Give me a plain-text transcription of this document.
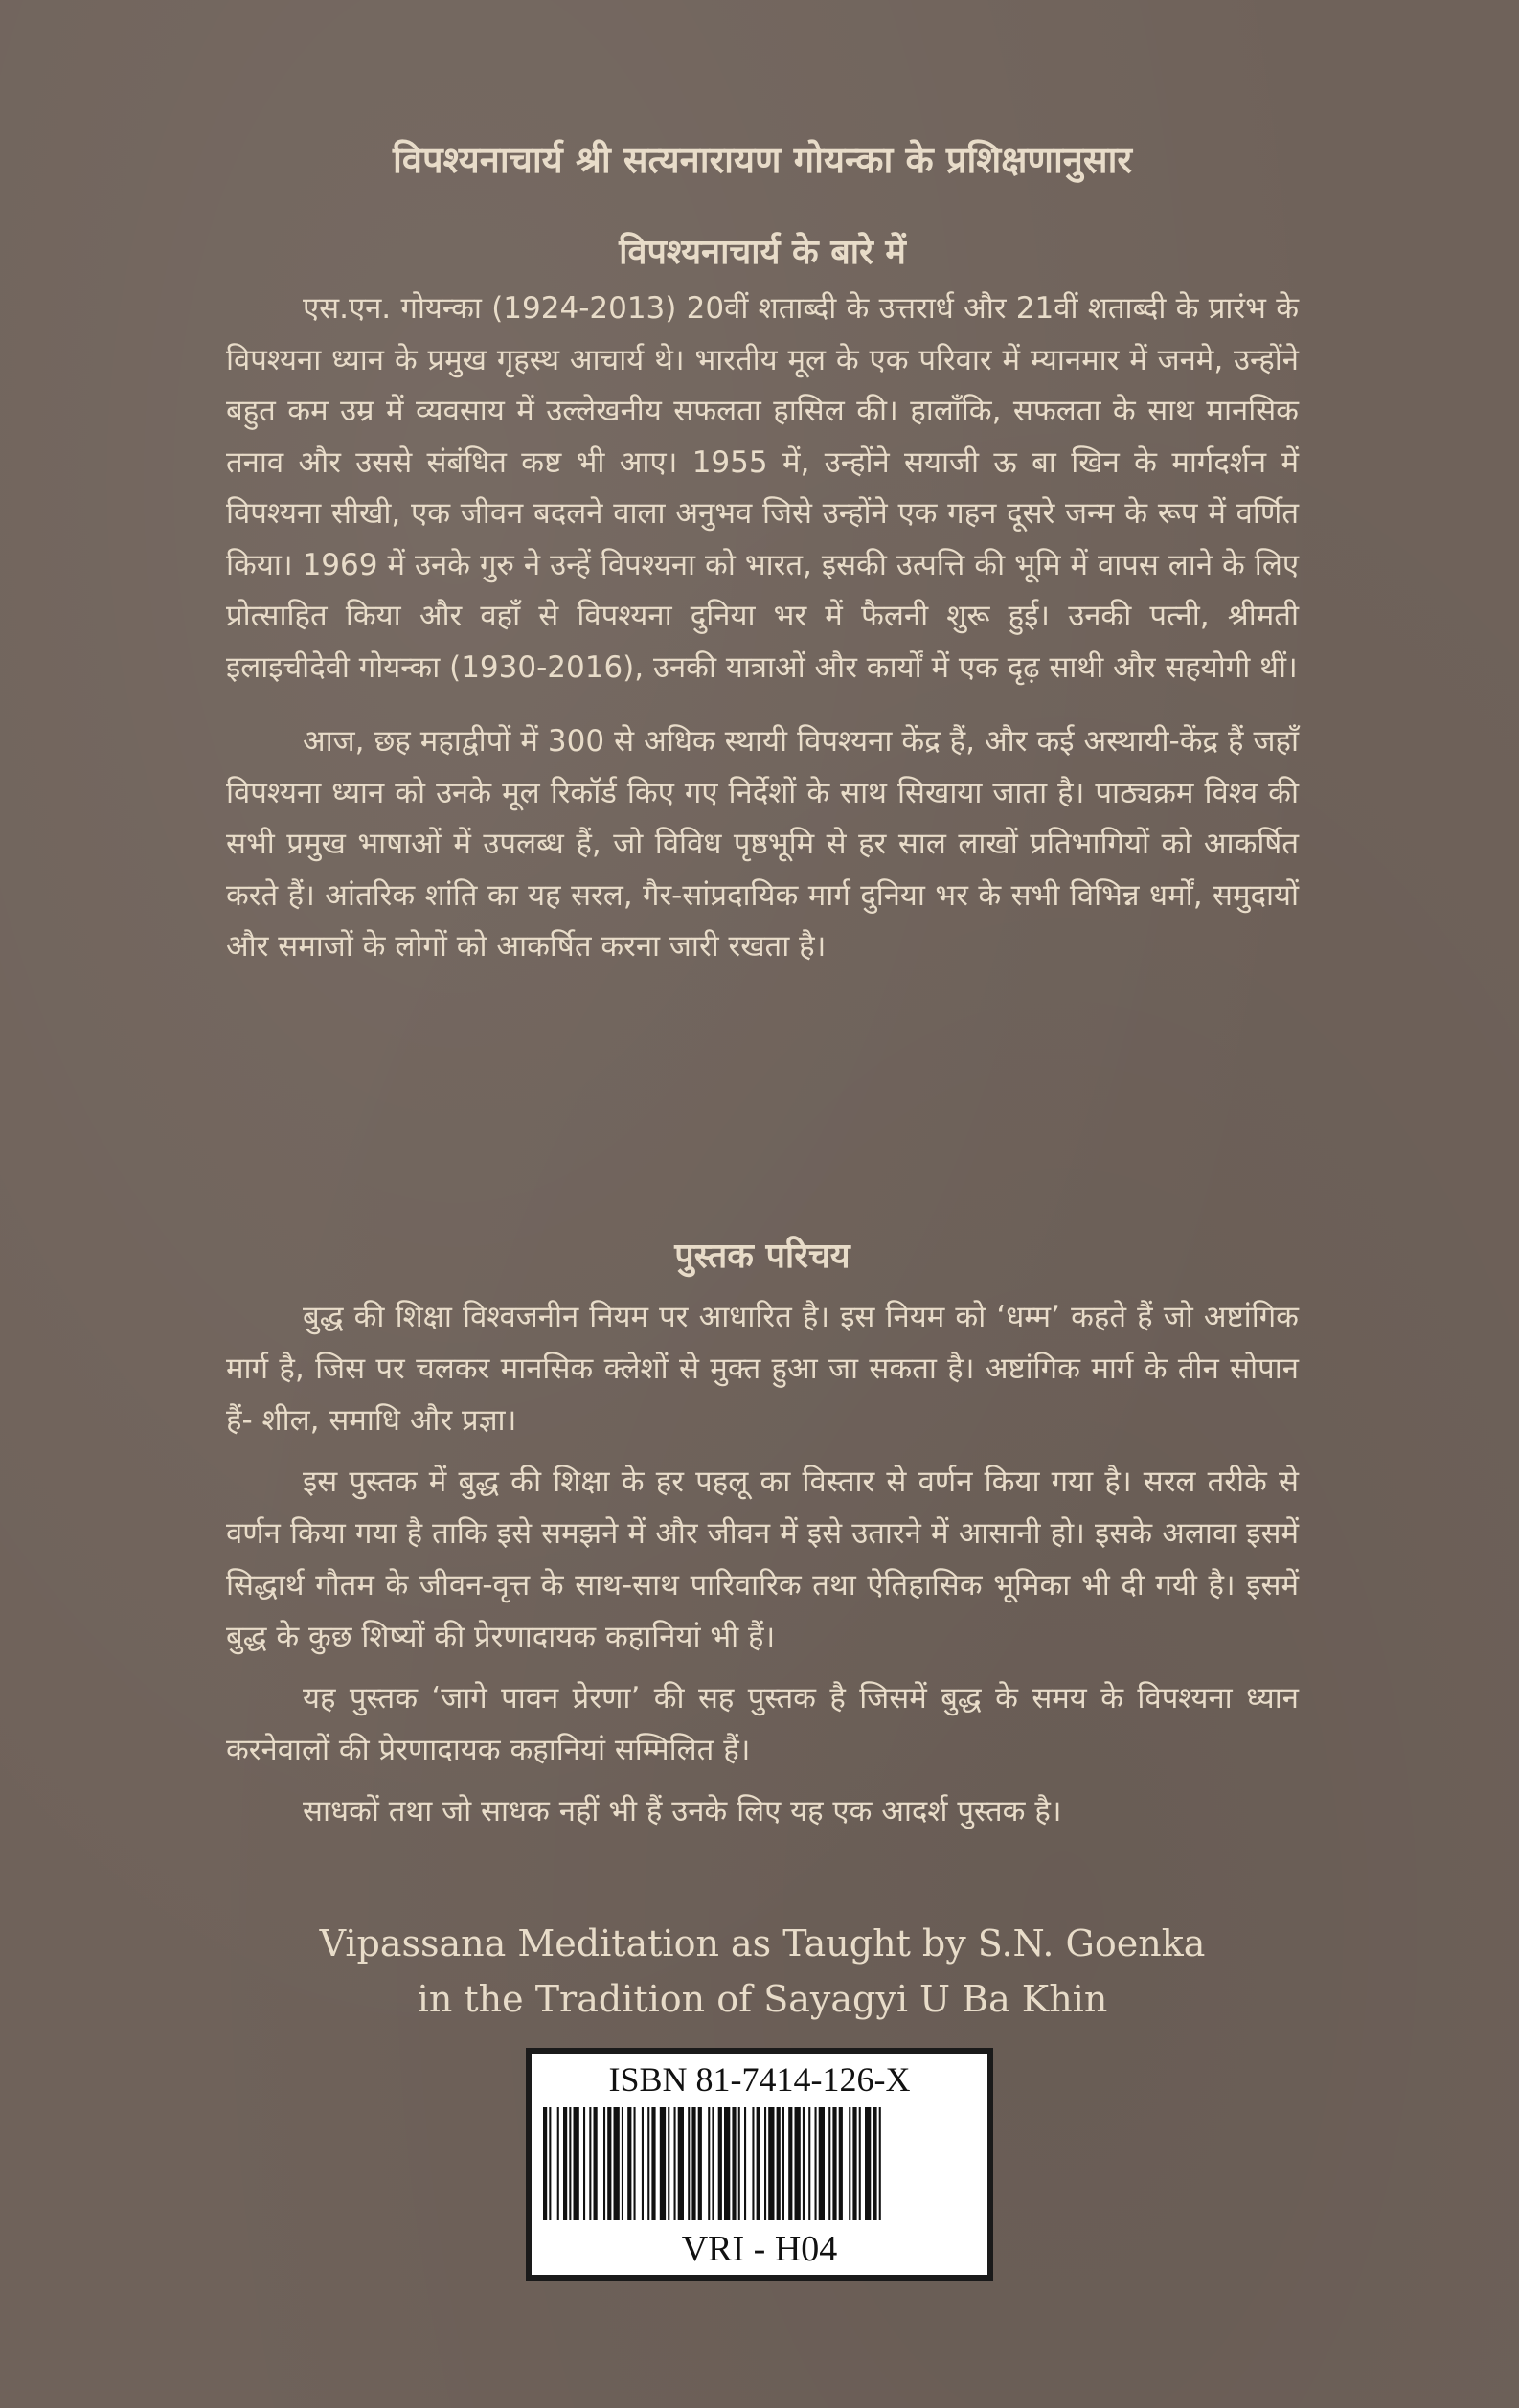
विपश्यनाचार्य श्री सत्यनारायण गोयन्का के प्रशिक्षणानुसार
विपश्यनाचार्य के बारे में

एस.एन. गोयन्का (1924-2013) 20वीं शताब्दी के उत्तरार्ध और 21वीं शताब्दी के प्रारंभ के विपश्यना ध्यान के प्रमुख गृहस्थ आचार्य थे। भारतीय मूल के एक परिवार में म्यानमार में जनमे, उन्होंने बहुत कम उम्र में व्यवसाय में उल्लेखनीय सफलता हासिल की। हालाँकि, सफलता के साथ मानसिक तनाव और उससे संबंधित कष्ट भी आए। 1955 में, उन्होंने सयाजी ऊ बा खिन के मार्गदर्शन में विपश्यना सीखी, एक जीवन बदलने वाला अनुभव जिसे उन्होंने एक गहन दूसरे जन्म के रूप में वर्णित किया। 1969 में उनके गुरु ने उन्हें विपश्यना को भारत, इसकी उत्पत्ति की भूमि में वापस लाने के लिए प्रोत्साहित किया और वहाँ से विपश्यना दुनिया भर में फैलनी शुरू हुई। उनकी पत्नी, श्रीमती इलाइचीदेवी गोयन्का (1930-2016), उनकी यात्राओं और कार्यों में एक दृढ़ साथी और सहयोगी थीं।

आज, छह महाद्वीपों में 300 से अधिक स्थायी विपश्यना केंद्र हैं, और कई अस्थायी-केंद्र हैं जहाँ विपश्यना ध्यान को उनके मूल रिकॉर्ड किए गए निर्देशों के साथ सिखाया जाता है। पाठ्यक्रम विश्व की सभी प्रमुख भाषाओं में उपलब्ध हैं, जो विविध पृष्ठभूमि से हर साल लाखों प्रतिभागियों को आकर्षित करते हैं। आंतरिक शांति का यह सरल, गैर-सांप्रदायिक मार्ग दुनिया भर के सभी विभिन्न धर्मों, समुदायों और समाजों के लोगों को आकर्षित करना जारी रखता है।

पुस्तक परिचय

बुद्ध की शिक्षा विश्वजनीन नियम पर आधारित है। इस नियम को ‘धम्म’ कहते हैं जो अष्टांगिक मार्ग है, जिस पर चलकर मानसिक क्लेशों से मुक्त हुआ जा सकता है। अष्टांगिक मार्ग के तीन सोपान हैं- शील, समाधि और प्रज्ञा।

इस पुस्तक में बुद्ध की शिक्षा के हर पहलू का विस्तार से वर्णन किया गया है। सरल तरीके से वर्णन किया गया है ताकि इसे समझने में और जीवन में इसे उतारने में आसानी हो। इसके अलावा इसमें सिद्धार्थ गौतम के जीवन-वृत्त के साथ-साथ पारिवारिक तथा ऐतिहासिक भूमिका भी दी गयी है। इसमें बुद्ध के कुछ शिष्यों की प्रेरणादायक कहानियां भी हैं।

यह पुस्तक ‘जागे पावन प्रेरणा’ की सह पुस्तक है जिसमें बुद्ध के समय के विपश्यना ध्यान करनेवालों की प्रेरणादायक कहानियां सम्मिलित हैं।

साधकों तथा जो साधक नहीं भी हैं उनके लिए यह एक आदर्श पुस्तक है।

Vipassana Meditation as Taught by S.N. Goenka
in the Tradition of Sayagyi U Ba Khin
ISBN 81-7414-126-X
VRI - H04
